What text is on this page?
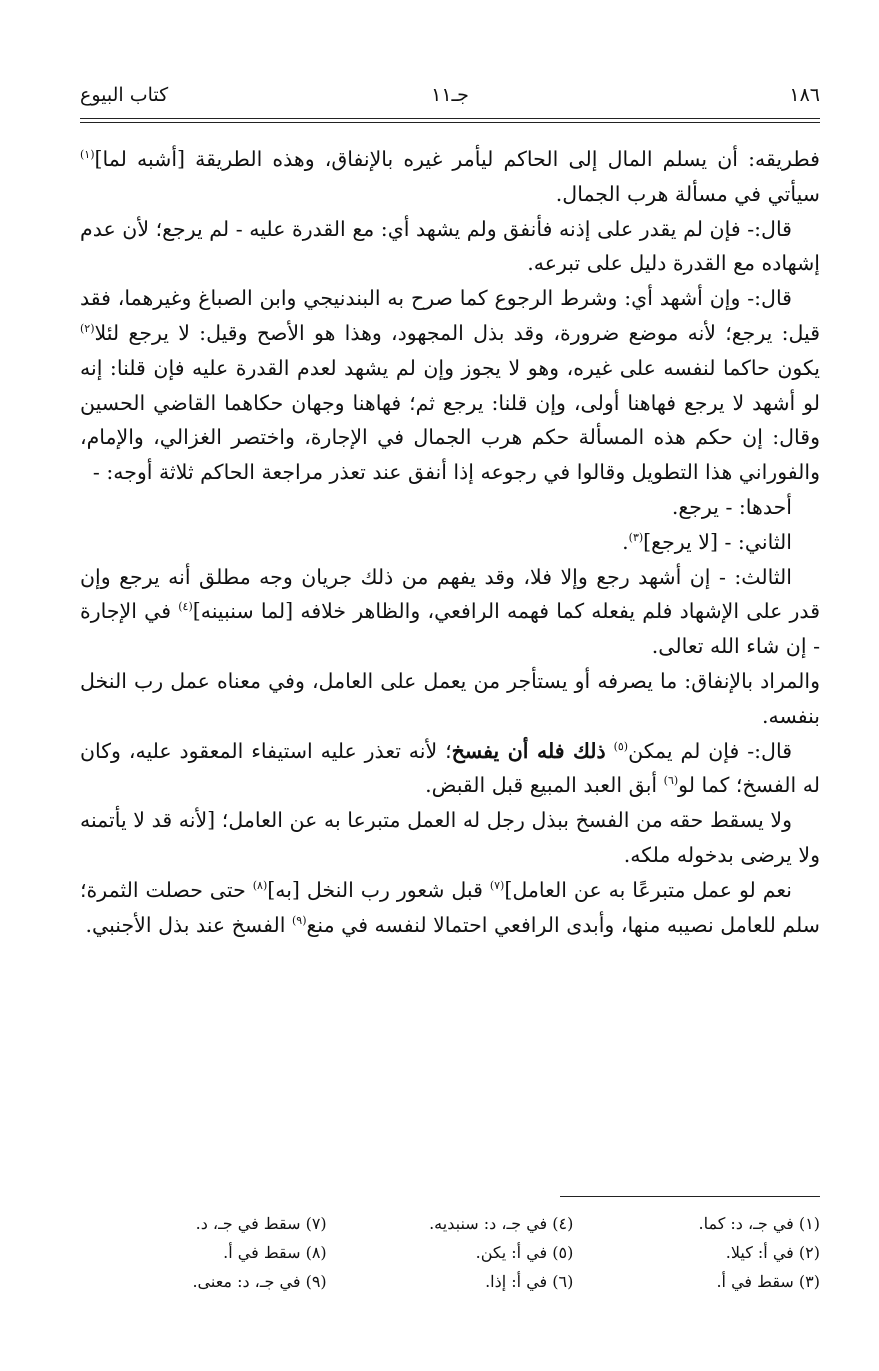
١٨٦
جـ١١
كتاب البيوع

فطريقه: أن يسلم المال إلى الحاكم ليأمر غيره بالإنفاق، وهذه الطريقة [أشبه لما]$^{(١)}$ سيأتي في مسألة هرب الجمال.

قال:- فإن لم يقدر على إذنه فأنفق ولم يشهد أي: مع القدرة عليه - لم يرجع؛ لأن عدم إشهاده مع القدرة دليل على تبرعه.

قال:- وإن أشهد أي: وشرط الرجوع كما صرح به البندنيجي وابن الصباغ وغيرهما، فقد قيل: يرجع؛ لأنه موضع ضرورة، وقد بذل المجهود، وهذا هو الأصح وقيل: لا يرجع لئلا$^{(٢)}$ يكون حاكما لنفسه على غيره، وهو لا يجوز وإن لم يشهد لعدم القدرة عليه فإن قلنا: إنه لو أشهد لا يرجع فهاهنا أولى، وإن قلنا: يرجع ثم؛ فهاهنا وجهان حكاهما القاضي الحسين وقال: إن حكم هذه المسألة حكم هرب الجمال في الإجارة، واختصر الغزالي، والإمام، والفوراني هذا التطويل وقالوا في رجوعه إذا أنفق عند تعذر مراجعة الحاكم ثلاثة أوجه: -

أحدها: - يرجع.

الثاني: - [لا يرجع]$^{(٣)}$.

الثالث: - إن أشهد رجع وإلا فلا، وقد يفهم من ذلك جريان وجه مطلق أنه يرجع وإن قدر على الإشهاد فلم يفعله كما فهمه الرافعي، والظاهر خلافه [لما سنبينه]$^{(٤)}$ في الإجارة - إن شاء الله تعالى.

والمراد بالإنفاق: ما يصرفه أو يستأجر من يعمل على العامل، وفي معناه عمل رب النخل بنفسه.

قال:- فإن لم يمكن$^{(٥)}$ ذلك فله أن يفسخ؛ لأنه تعذر عليه استيفاء المعقود عليه، وكان له الفسخ؛ كما لو$^{(٦)}$ أبق العبد المبيع قبل القبض.

ولا يسقط حقه من الفسخ ببذل رجل له العمل متبرعا به عن العامل؛ [لأنه قد لا يأتمنه ولا يرضى بدخوله ملكه.

نعم لو عمل متبرعًا به عن العامل]$^{(٧)}$ قبل شعور رب النخل [به]$^{(٨)}$ حتى حصلت الثمرة؛ سلم للعامل نصيبه منها، وأبدى الرافعي احتمالا لنفسه في منع$^{(٩)}$ الفسخ عند بذل الأجنبي.

(١) في جـ، د: كما.
(٤) في جـ، د: سنبديه.
(٧) سقط في جـ، د.
(٢) في أ: كيلا.
(٥) في أ: يكن.
(٨) سقط في أ.
(٣) سقط في أ.
(٦) في أ: إذا.
(٩) في جـ، د: معنى.
